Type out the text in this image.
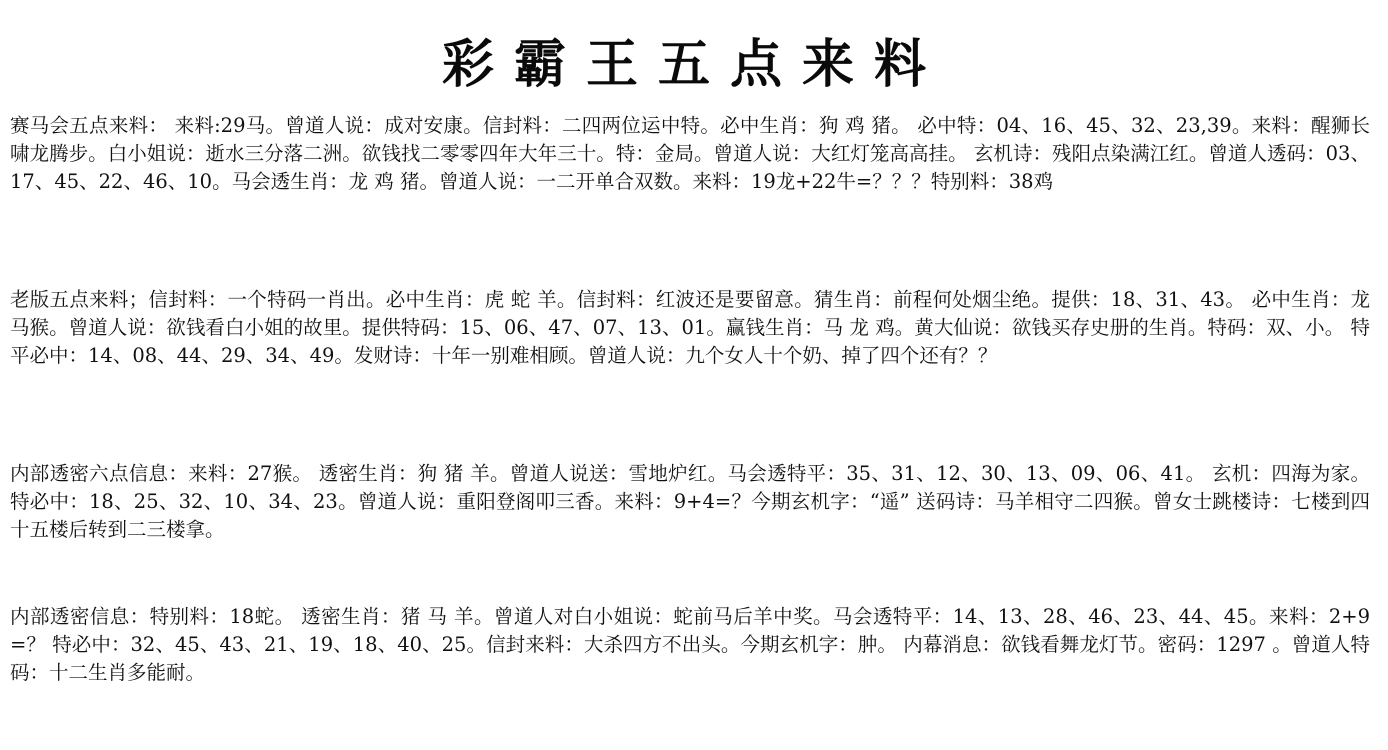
彩霸王五点来料

赛马会五点来料： 来料:29马。曾道人说：成对安康。信封料：二四两位运中特。必中生肖：狗 鸡 猪。 必中特：04、16、45、32、23,39。来料：醒狮长啸龙腾步。白小姐说：逝水三分落二洲。欲钱找二零零四年大年三十。特：金局。曾道人说：大红灯笼高高挂。 玄机诗：残阳点染满江红。曾道人透码：03、17、45、22、46、10。马会透生肖：龙 鸡 猪。曾道人说：一二开单合双数。来料：19龙+22牛=？？？特别料：38鸡

老版五点来料；信封料：一个特码一肖出。必中生肖：虎 蛇 羊。信封料：红波还是要留意。猜生肖：前程何处烟尘绝。提供：18、31、43。 必中生肖：龙马猴。曾道人说：欲钱看白小姐的故里。提供特码：15、06、47、07、13、01。赢钱生肖：马 龙 鸡。黄大仙说：欲钱买存史册的生肖。特码：双、小。 特平必中：14、08、44、29、34、49。发财诗：十年一别难相顾。曾道人说：九个女人十个奶、掉了四个还有？？

内部透密六点信息：来料：27猴。 透密生肖：狗 猪 羊。曾道人说送：雪地炉红。马会透特平：35、31、12、30、13、09、06、41。 玄机：四海为家。 特必中：18、25、32、10、34、23。曾道人说：重阳登阁叩三香。来料：9+4=？今期玄机字：“遥” 送码诗：马羊相守二四猴。曾女士跳楼诗：七楼到四十五楼后转到二三楼拿。

内部透密信息：特别料：18蛇。 透密生肖：猪 马 羊。曾道人对白小姐说：蛇前马后羊中奖。马会透特平：14、13、28、46、23、44、45。来料：2+9=？ 特必中：32、45、43、21、19、18、40、25。信封来料：大杀四方不出头。今期玄机字：肿。 内幕消息：欲钱看舞龙灯节。密码：1297 。曾道人特码：十二生肖多能耐。
